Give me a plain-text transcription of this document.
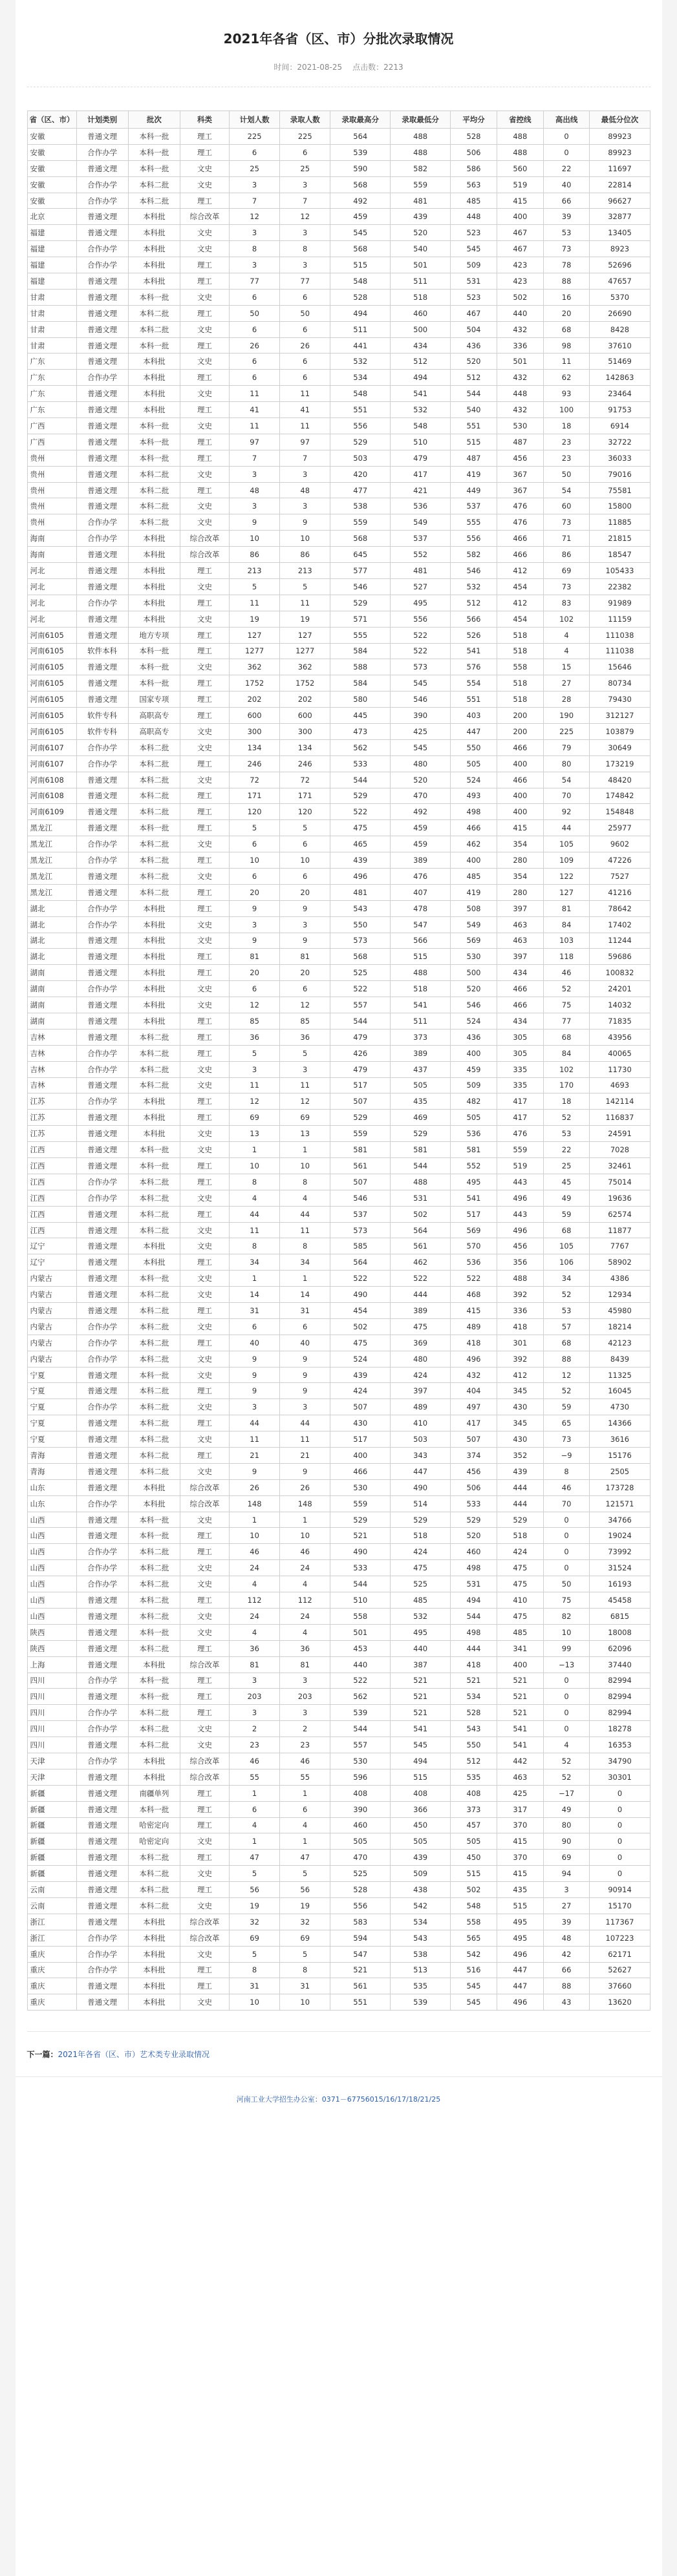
2021年各省（区、市）分批次录取情况
时间：2021-08-25 点击数：2213
省（区、市）	计划类别	批次	科类	计划人数	录取人数	录取最高分	录取最低分	平均分	省控线	高出线	最低分位次
安徽	普通文理	本科一批	理工	225	225	564	488	528	488	0	89923
安徽	合作办学	本科一批	理工	6	6	539	488	506	488	0	89923
安徽	普通文理	本科一批	文史	25	25	590	582	586	560	22	11697
安徽	合作办学	本科二批	文史	3	3	568	559	563	519	40	22814
安徽	合作办学	本科二批	理工	7	7	492	481	485	415	66	96627
北京	普通文理	本科批	综合改革	12	12	459	439	448	400	39	32877
福建	普通文理	本科批	文史	3	3	545	520	523	467	53	13405
福建	合作办学	本科批	文史	8	8	568	540	545	467	73	8923
福建	合作办学	本科批	理工	3	3	515	501	509	423	78	52696
福建	普通文理	本科批	理工	77	77	548	511	531	423	88	47657
甘肃	普通文理	本科一批	文史	6	6	528	518	523	502	16	5370
甘肃	普通文理	本科二批	理工	50	50	494	460	467	440	20	26690
甘肃	普通文理	本科二批	文史	6	6	511	500	504	432	68	8428
甘肃	普通文理	本科一批	理工	26	26	441	434	436	336	98	37610
广东	普通文理	本科批	文史	6	6	532	512	520	501	11	51469
广东	合作办学	本科批	理工	6	6	534	494	512	432	62	142863
广东	普通文理	本科批	文史	11	11	548	541	544	448	93	23464
广东	普通文理	本科批	理工	41	41	551	532	540	432	100	91753
广西	普通文理	本科一批	文史	11	11	556	548	551	530	18	6914
广西	普通文理	本科一批	理工	97	97	529	510	515	487	23	32722
贵州	普通文理	本科一批	理工	7	7	503	479	487	456	23	36033
贵州	普通文理	本科二批	文史	3	3	420	417	419	367	50	79016
贵州	普通文理	本科二批	理工	48	48	477	421	449	367	54	75581
贵州	普通文理	本科二批	文史	3	3	538	536	537	476	60	15800
贵州	合作办学	本科二批	文史	9	9	559	549	555	476	73	11885
海南	合作办学	本科批	综合改革	10	10	568	537	556	466	71	21815
海南	普通文理	本科批	综合改革	86	86	645	552	582	466	86	18547
河北	普通文理	本科批	理工	213	213	577	481	546	412	69	105433
河北	普通文理	本科批	文史	5	5	546	527	532	454	73	22382
河北	合作办学	本科批	理工	11	11	529	495	512	412	83	91989
河北	普通文理	本科批	文史	19	19	571	556	566	454	102	11159
河南6105	普通文理	地方专项	理工	127	127	555	522	526	518	4	111038
河南6105	软件本科	本科一批	理工	1277	1277	584	522	541	518	4	111038
河南6105	普通文理	本科一批	文史	362	362	588	573	576	558	15	15646
河南6105	普通文理	本科一批	理工	1752	1752	584	545	554	518	27	80734
河南6105	普通文理	国家专项	理工	202	202	580	546	551	518	28	79430
河南6105	软件专科	高职高专	理工	600	600	445	390	403	200	190	312127
河南6105	软件专科	高职高专	文史	300	300	473	425	447	200	225	103879
河南6107	合作办学	本科二批	文史	134	134	562	545	550	466	79	30649
河南6107	合作办学	本科二批	理工	246	246	533	480	505	400	80	173219
河南6108	普通文理	本科二批	文史	72	72	544	520	524	466	54	48420
河南6108	普通文理	本科二批	理工	171	171	529	470	493	400	70	174842
河南6109	普通文理	本科二批	理工	120	120	522	492	498	400	92	154848
黑龙江	普通文理	本科一批	理工	5	5	475	459	466	415	44	25977
黑龙江	合作办学	本科二批	文史	6	6	465	459	462	354	105	9602
黑龙江	合作办学	本科二批	理工	10	10	439	389	400	280	109	47226
黑龙江	普通文理	本科二批	文史	6	6	496	476	485	354	122	7527
黑龙江	普通文理	本科二批	理工	20	20	481	407	419	280	127	41216
湖北	合作办学	本科批	理工	9	9	543	478	508	397	81	78642
湖北	合作办学	本科批	文史	3	3	550	547	549	463	84	17402
湖北	普通文理	本科批	文史	9	9	573	566	569	463	103	11244
湖北	普通文理	本科批	理工	81	81	568	515	530	397	118	59686
湖南	普通文理	本科批	理工	20	20	525	488	500	434	46	100832
湖南	合作办学	本科批	文史	6	6	522	518	520	466	52	24201
湖南	普通文理	本科批	文史	12	12	557	541	546	466	75	14032
湖南	普通文理	本科批	理工	85	85	544	511	524	434	77	71835
吉林	普通文理	本科二批	理工	36	36	479	373	436	305	68	43956
吉林	合作办学	本科二批	理工	5	5	426	389	400	305	84	40065
吉林	合作办学	本科二批	文史	3	3	479	437	459	335	102	11730
吉林	普通文理	本科二批	文史	11	11	517	505	509	335	170	4693
江苏	合作办学	本科批	理工	12	12	507	435	482	417	18	142114
江苏	普通文理	本科批	理工	69	69	529	469	505	417	52	116837
江苏	普通文理	本科批	文史	13	13	559	529	536	476	53	24591
江西	普通文理	本科一批	文史	1	1	581	581	581	559	22	7028
江西	普通文理	本科一批	理工	10	10	561	544	552	519	25	32461
江西	合作办学	本科二批	理工	8	8	507	488	495	443	45	75014
江西	合作办学	本科二批	文史	4	4	546	531	541	496	49	19636
江西	普通文理	本科二批	理工	44	44	537	502	517	443	59	62574
江西	普通文理	本科二批	文史	11	11	573	564	569	496	68	11877
辽宁	普通文理	本科批	文史	8	8	585	561	570	456	105	7767
辽宁	普通文理	本科批	理工	34	34	564	462	536	356	106	58902
内蒙古	普通文理	本科一批	文史	1	1	522	522	522	488	34	4386
内蒙古	普通文理	本科二批	文史	14	14	490	444	468	392	52	12934
内蒙古	普通文理	本科二批	理工	31	31	454	389	415	336	53	45980
内蒙古	合作办学	本科二批	文史	6	6	502	475	489	418	57	18214
内蒙古	合作办学	本科二批	理工	40	40	475	369	418	301	68	42123
内蒙古	合作办学	本科二批	文史	9	9	524	480	496	392	88	8439
宁夏	普通文理	本科一批	文史	9	9	439	424	432	412	12	11325
宁夏	普通文理	本科二批	理工	9	9	424	397	404	345	52	16045
宁夏	合作办学	本科二批	文史	3	3	507	489	497	430	59	4730
宁夏	普通文理	本科二批	理工	44	44	430	410	417	345	65	14366
宁夏	普通文理	本科二批	文史	11	11	517	503	507	430	73	3616
青海	普通文理	本科二批	理工	21	21	400	343	374	352	−9	15176
青海	普通文理	本科二批	文史	9	9	466	447	456	439	8	2505
山东	普通文理	本科批	综合改革	26	26	530	490	506	444	46	173728
山东	合作办学	本科批	综合改革	148	148	559	514	533	444	70	121571
山西	普通文理	本科一批	文史	1	1	529	529	529	529	0	34766
山西	普通文理	本科一批	理工	10	10	521	518	520	518	0	19024
山西	合作办学	本科二批	理工	46	46	490	424	460	424	0	73992
山西	合作办学	本科二批	文史	24	24	533	475	498	475	0	31524
山西	合作办学	本科二批	文史	4	4	544	525	531	475	50	16193
山西	普通文理	本科二批	理工	112	112	510	485	494	410	75	45458
山西	普通文理	本科二批	文史	24	24	558	532	544	475	82	6815
陕西	普通文理	本科一批	文史	4	4	501	495	498	485	10	18008
陕西	普通文理	本科二批	理工	36	36	453	440	444	341	99	62096
上海	普通文理	本科批	综合改革	81	81	440	387	418	400	−13	37440
四川	合作办学	本科一批	理工	3	3	522	521	521	521	0	82994
四川	普通文理	本科一批	理工	203	203	562	521	534	521	0	82994
四川	合作办学	本科二批	理工	3	3	539	521	528	521	0	82994
四川	合作办学	本科二批	文史	2	2	544	541	543	541	0	18278
四川	普通文理	本科二批	文史	23	23	557	545	550	541	4	16353
天津	合作办学	本科批	综合改革	46	46	530	494	512	442	52	34790
天津	普通文理	本科批	综合改革	55	55	596	515	535	463	52	30301
新疆	普通文理	南疆单列	理工	1	1	408	408	408	425	−17	0
新疆	普通文理	本科一批	理工	6	6	390	366	373	317	49	0
新疆	普通文理	哈密定向	理工	4	4	460	450	457	370	80	0
新疆	普通文理	哈密定向	文史	1	1	505	505	505	415	90	0
新疆	普通文理	本科二批	理工	47	47	470	439	450	370	69	0
新疆	普通文理	本科二批	文史	5	5	525	509	515	415	94	0
云南	普通文理	本科二批	理工	56	56	528	438	502	435	3	90914
云南	普通文理	本科二批	文史	19	19	556	542	548	515	27	15170
浙江	普通文理	本科批	综合改革	32	32	583	534	558	495	39	117367
浙江	合作办学	本科批	综合改革	69	69	594	543	565	495	48	107223
重庆	合作办学	本科批	文史	5	5	547	538	542	496	42	62171
重庆	合作办学	本科批	理工	8	8	521	513	516	447	66	52627
重庆	普通文理	本科批	理工	31	31	561	535	545	447	88	37660
重庆	普通文理	本科批	文史	10	10	551	539	545	496	43	13620
下一篇：2021年各省（区、市）艺术类专业录取情况
河南工业大学招生办公室：0371－67756015/16/17/18/21/25
